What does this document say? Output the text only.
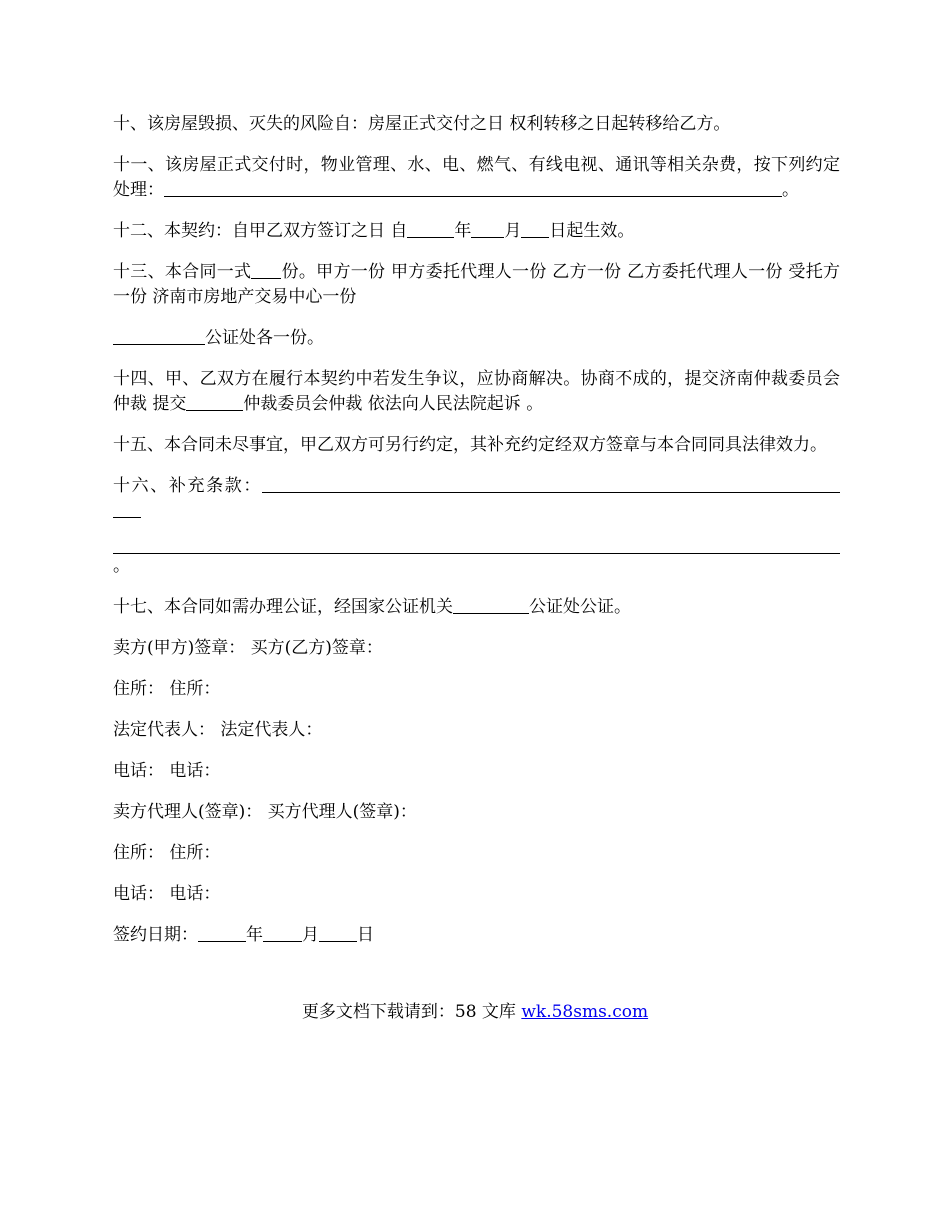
十、该房屋毁损、灭失的风险自：房屋正式交付之日 权利转移之日起转移给乙方。

十一、该房屋正式交付时，物业管理、水、电、燃气、有线电视、通讯等相关杂费，按下列约定处理：	。

十二、本契约：自甲乙双方签订之日 自	年 月 日起生效。

十三、本合同一式 份。甲方一份 甲方委托代理人一份 乙方一份 乙方委托代理人一份 受托方一份 济南市房地产交易中心一份

公证处各一份。

十四、甲、乙双方在履行本契约中若发生争议，应协商解决。协商不成的，提交济南仲裁委员会仲裁 提交	仲裁委员会仲裁 依法向人民法院起诉 。

十五、本合同未尽事宜，甲乙双方可另行约定，其补充约定经双方签章与本合同同具法律效力。

十六、补充条款：

。

十七、本合同如需办理公证，经国家公证机关	公证处公证。

卖方(甲方)签章： 买方(乙方)签章：

住所： 住所：

法定代表人： 法定代表人：

电话： 电话：

卖方代理人(签章)： 买方代理人(签章)：

住所： 住所：

电话： 电话：

签约日期：	年 月 日

更多文档下载请到：58 文库 wk.58sms.com
